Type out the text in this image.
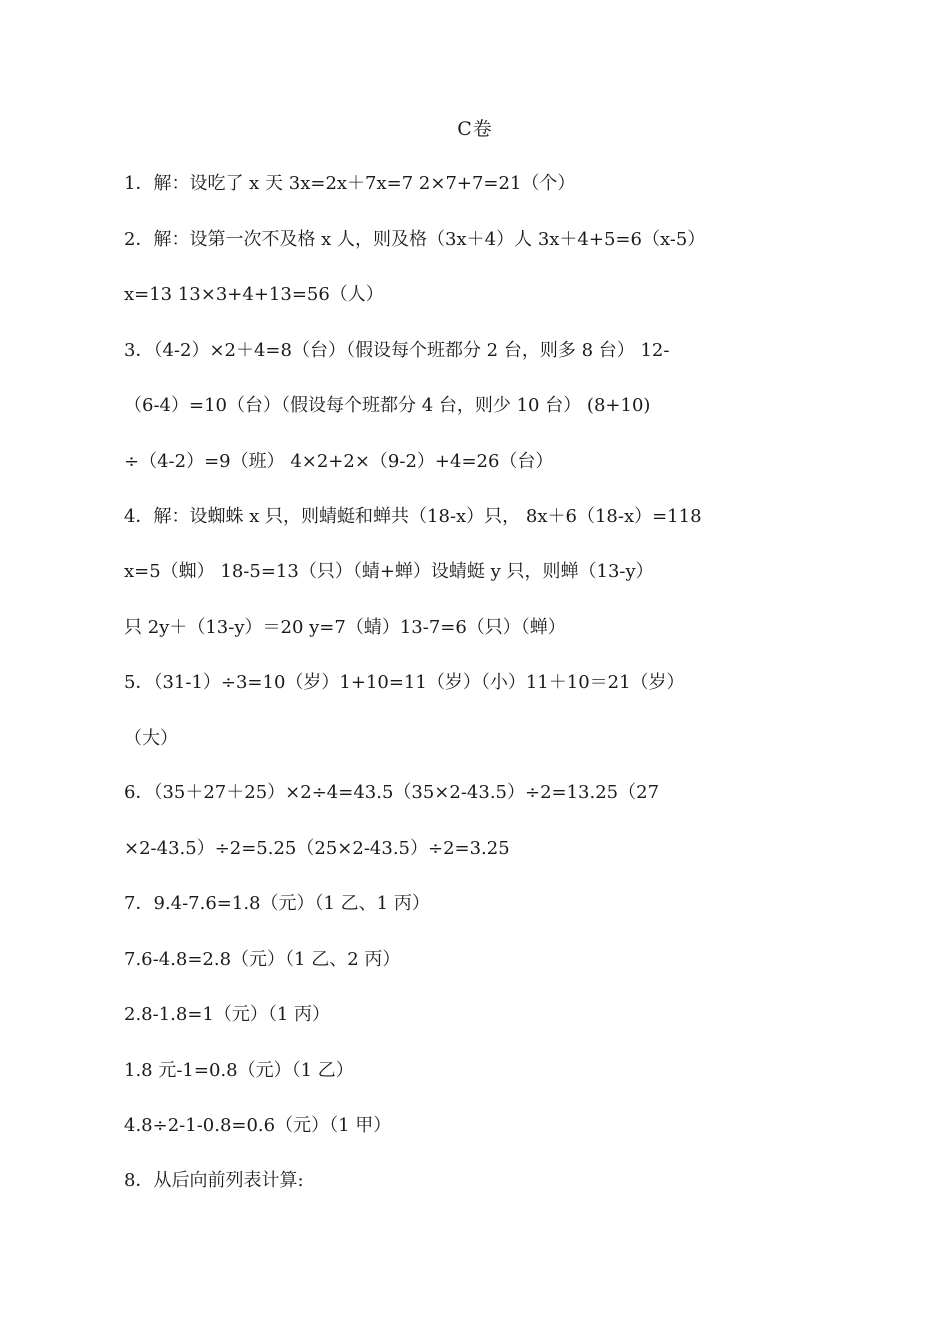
C卷
1．解：设吃了 x 天 3x=2x＋7x=7 2×7+7=21（个）
2．解：设第一次不及格 x 人，则及格（3x＋4）人 3x＋4+5=6（x-5）
x=13 13×3+4+13=56（人）
3．（4-2）×2＋4=8（台）（假设每个班都分 2 台，则多 8 台） 12-
（6-4）=10（台）（假设每个班都分 4 台，则少 10 台） (8+10)
÷（4-2）=9（班） 4×2+2×（9-2）+4=26（台）
4．解：设蜘蛛 x 只，则蜻蜓和蝉共（18-x）只， 8x＋6（18-x）=118
x=5（蜘） 18-5=13（只）（蜻+蝉）设蜻蜓 y 只，则蝉（13-y）
只 2y＋（13-y）＝20 y=7（蜻）13-7=6（只）（蝉）
5．（31-1）÷3=10（岁）1+10=11（岁）（小）11＋10＝21（岁）
（大）
6．（35＋27＋25）×2÷4=43.5（35×2-43.5）÷2=13.25（27
×2-43.5）÷2=5.25（25×2-43.5）÷2=3.25
7．9.4-7.6=1.8（元）（1 乙、1 丙）
7.6-4.8=2.8（元）（1 乙、2 丙）
2.8-1.8=1（元）（1 丙）
1.8 元-1=0.8（元）（1 乙）
4.8÷2-1-0.8=0.6（元）（1 甲）
8．从后向前列表计算:
